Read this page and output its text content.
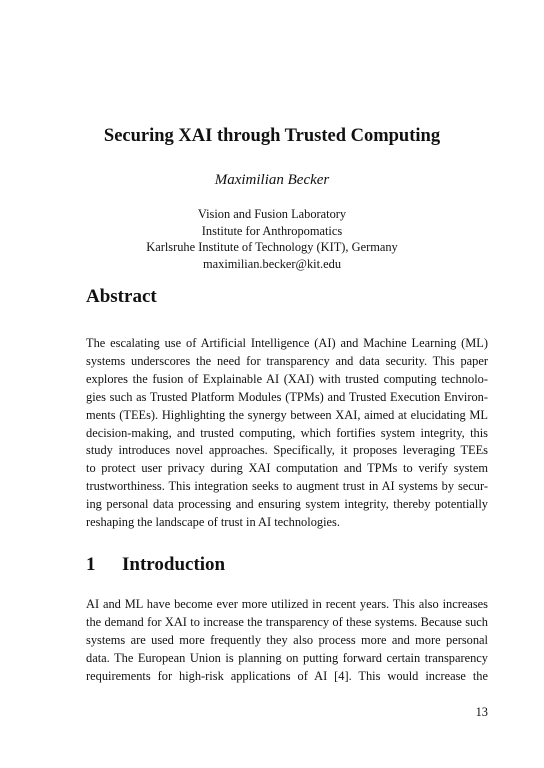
Securing XAI through Trusted Computing
Maximilian Becker
Vision and Fusion Laboratory
Institute for Anthropomatics
Karlsruhe Institute of Technology (KIT), Germany
maximilian.becker@kit.edu
Abstract
The escalating use of Artificial Intelligence (AI) and Machine Learning (ML)
systems underscores the need for transparency and data security. This paper
explores the fusion of Explainable AI (XAI) with trusted computing technolo-
gies such as Trusted Platform Modules (TPMs) and Trusted Execution Environ-
ments (TEEs). Highlighting the synergy between XAI, aimed at elucidating ML
decision-making, and trusted computing, which fortifies system integrity, this
study introduces novel approaches. Specifically, it proposes leveraging TEEs
to protect user privacy during XAI computation and TPMs to verify system
trustworthiness. This integration seeks to augment trust in AI systems by secur-
ing personal data processing and ensuring system integrity, thereby potentially
reshaping the landscape of trust in AI technologies.
1 Introduction
AI and ML have become ever more utilized in recent years. This also increases
the demand for XAI to increase the transparency of these systems. Because such
systems are used more frequently they also process more and more personal
data. The European Union is planning on putting forward certain transparency
requirements for high-risk applications of AI [4]. This would increase the
13
